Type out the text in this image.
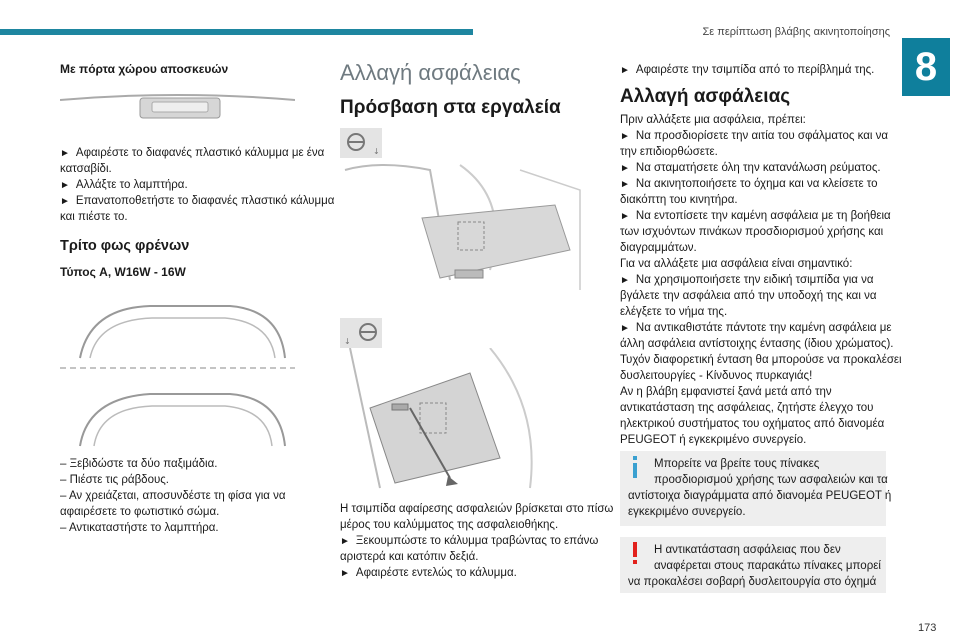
Σε περίπτωση βλάβης ακινητοποίησης
8
173
Με πόρτα χώρου αποσκευών
► Αφαιρέστε το διαφανές πλαστικό κάλυμμα με ένα
κατσαβίδι.
► Αλλάξτε το λαμπτήρα.
► Επανατοποθετήστε το διαφανές πλαστικό κάλυμμα
και πιέστε το.
Τρίτο φως φρένων
Τύπος A, W16W - 16W
– Ξεβιδώστε τα δύο παξιμάδια.
– Πιέστε τις ράβδους.
– Αν χρειάζεται, αποσυνδέστε τη φίσα για να
αφαιρέσετε το φωτιστικό σώμα.
– Αντικαταστήστε το λαμπτήρα.
Αλλαγή ασφάλειας
Πρόσβαση στα εργαλεία
↓
↓
Η τσιμπίδα αφαίρεσης ασφαλειών βρίσκεται στο πίσω
μέρος του καλύμματος της ασφαλειοθήκης.
► Ξεκουμπώστε το κάλυμμα τραβώντας το επάνω
αριστερά και κατόπιν δεξιά.
► Αφαιρέστε εντελώς το κάλυμμα.
► Αφαιρέστε την τσιμπίδα από το περίβλημά της.
Αλλαγή ασφάλειας
Πριν αλλάξετε μια ασφάλεια, πρέπει:
► Να προσδιορίσετε την αιτία του σφάλματος και να
την επιδιορθώσετε.
► Να σταματήσετε όλη την κατανάλωση ρεύματος.
► Να ακινητοποιήσετε το όχημα και να κλείσετε το
διακόπτη του κινητήρα.
► Να εντοπίσετε την καμένη ασφάλεια με τη βοήθεια
των ισχυόντων πινάκων προσδιορισμού χρήσης και
διαγραμμάτων.
Για να αλλάξετε μια ασφάλεια είναι σημαντικό:
► Να χρησιμοποιήσετε την ειδική τσιμπίδα για να
βγάλετε την ασφάλεια από την υποδοχή της και να
ελέγξετε το νήμα της.
► Να αντικαθιστάτε πάντοτε την καμένη ασφάλεια με
άλλη ασφάλεια αντίστοιχης έντασης (ίδιου χρώματος).
Τυχόν διαφορετική ένταση θα μπορούσε να προκαλέσει
δυσλειτουργίες - Κίνδυνος πυρκαγιάς!
Αν η βλάβη εμφανιστεί ξανά μετά από την
αντικατάσταση της ασφάλειας, ζητήστε έλεγχο του
ηλεκτρικού συστήματος του οχήματος από διανομέα
PEUGEOT ή εγκεκριμένο συνεργείο.
Μπορείτε να βρείτε τους πίνακες
προσδιορισμού χρήσης των ασφαλειών και τα
αντίστοιχα διαγράμματα από διανομέα PEUGEOT ή
εγκεκριμένο συνεργείο.
Η αντικατάσταση ασφάλειας που δεν
αναφέρεται στους παρακάτω πίνακες μπορεί
να προκαλέσει σοβαρή δυσλειτουργία στο όχημά
